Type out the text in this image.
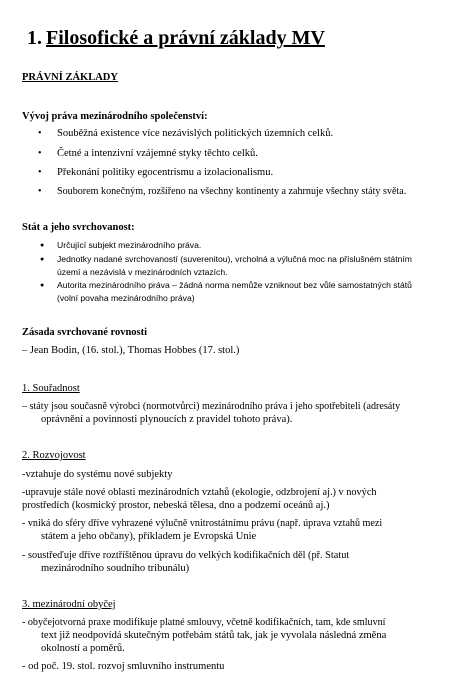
1. Filosofické a právní základy MV
PRÁVNÍ ZÁKLADY
Vývoj práva mezinárodního společenství:
• Souběžná existence více nezávislých politických územních celků.
• Četné a intenzivní vzájemné styky těchto celků.
• Překonání politiky egocentrismu a izolacionalismu.
• Souborem konečným, rozšířeno na všechny kontinenty a zahrnuje všechny státy světa.
Stát a jeho svrchovanost:
● Určující subjekt mezinárodního práva.
● Jednotky nadané svrchovaností (suverenitou), vrcholná a výlučná moc na příslušném státním
území a nezávislá v mezinárodních vztazích.
● Autorita mezinárodního práva – žádná norma nemůže vzniknout bez vůle samostatných států
(volní povaha mezinárodního práva)
Zásada svrchované rovnosti
– Jean Bodin, (16. stol.), Thomas Hobbes (17. stol.)
1. Souřadnost
– státy jsou současně výrobci (normotvůrci) mezinárodního práva i jeho spotřebiteli (adresáty
oprávnění a povinnosti plynoucích z pravidel tohoto práva).
2. Rozvojovost
-vztahuje do systému nové subjekty
-upravuje stále nové oblasti mezinárodních vztahů (ekologie, odzbrojení aj.) v nových
prostředích (kosmický prostor, nebeská tělesa, dno a podzemí oceánů aj.)
- vniká do sféry dříve vyhrazené výlučně vnitrostátnímu právu (např. úprava vztahů mezi
státem a jeho občany), příkladem je Evropská Unie
- soustřeďuje dříve roztříštěnou úpravu do velkých kodifikačních děl (př. Statut
mezinárodního soudního tribunálu)
3. mezinárodní obyčej
- obyčejotvorná praxe modifikuje platné smlouvy, včetně kodifikačních, tam, kde smluvní
text již neodpovídá skutečným potřebám států tak, jak je vyvolala následná změna
okolností a poměrů.
- od poč. 19. stol. rozvoj smluvního instrumentu
